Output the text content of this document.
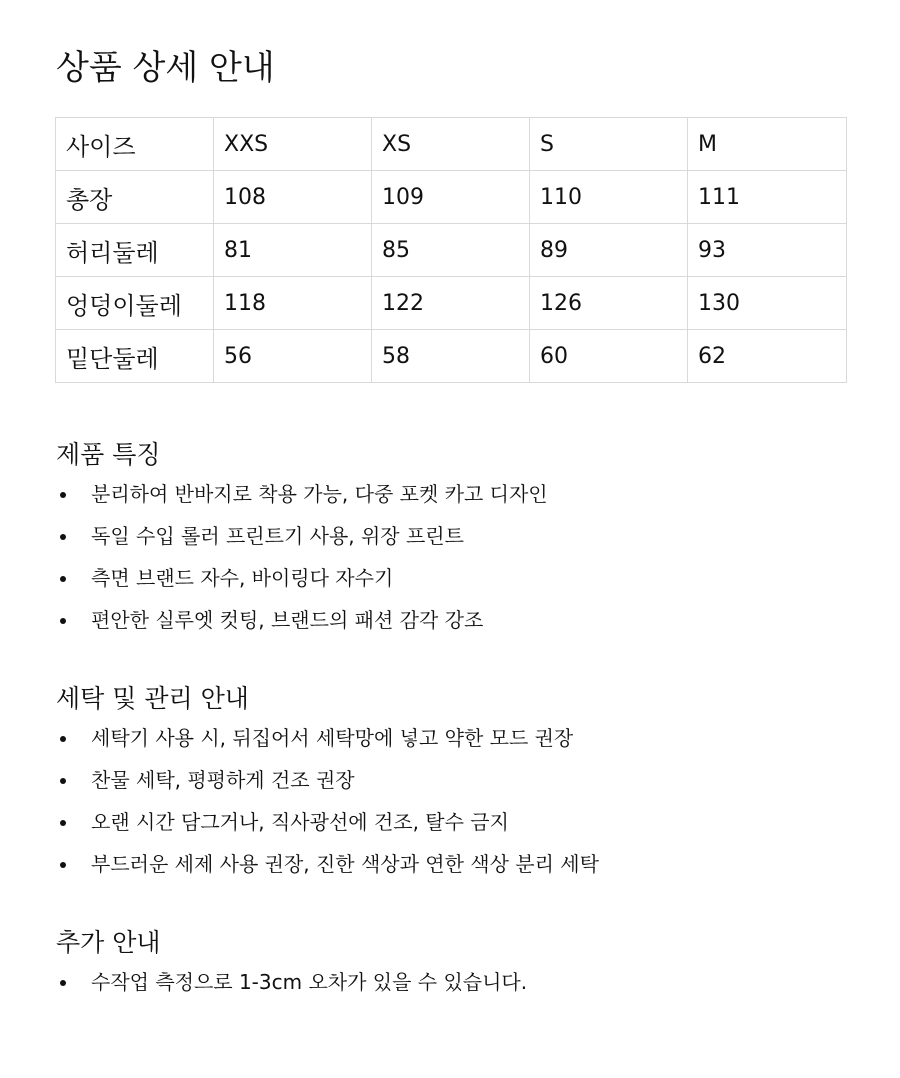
상품 상세 안내
사이즈	XXS	XS	S	M
총장	108	109	110	111
허리둘레	81	85	89	93
엉덩이둘레	118	122	126	130
밑단둘레	56	58	60	62
제품 특징
분리하여 반바지로 착용 가능, 다중 포켓 카고 디자인
독일 수입 롤러 프린트기 사용, 위장 프린트
측면 브랜드 자수, 바이링다 자수기
편안한 실루엣 컷팅, 브랜드의 패션 감각 강조
세탁 및 관리 안내
세탁기 사용 시, 뒤집어서 세탁망에 넣고 약한 모드 권장
찬물 세탁, 평평하게 건조 권장
오랜 시간 담그거나, 직사광선에 건조, 탈수 금지
부드러운 세제 사용 권장, 진한 색상과 연한 색상 분리 세탁
추가 안내
수작업 측정으로 1-3cm 오차가 있을 수 있습니다.
